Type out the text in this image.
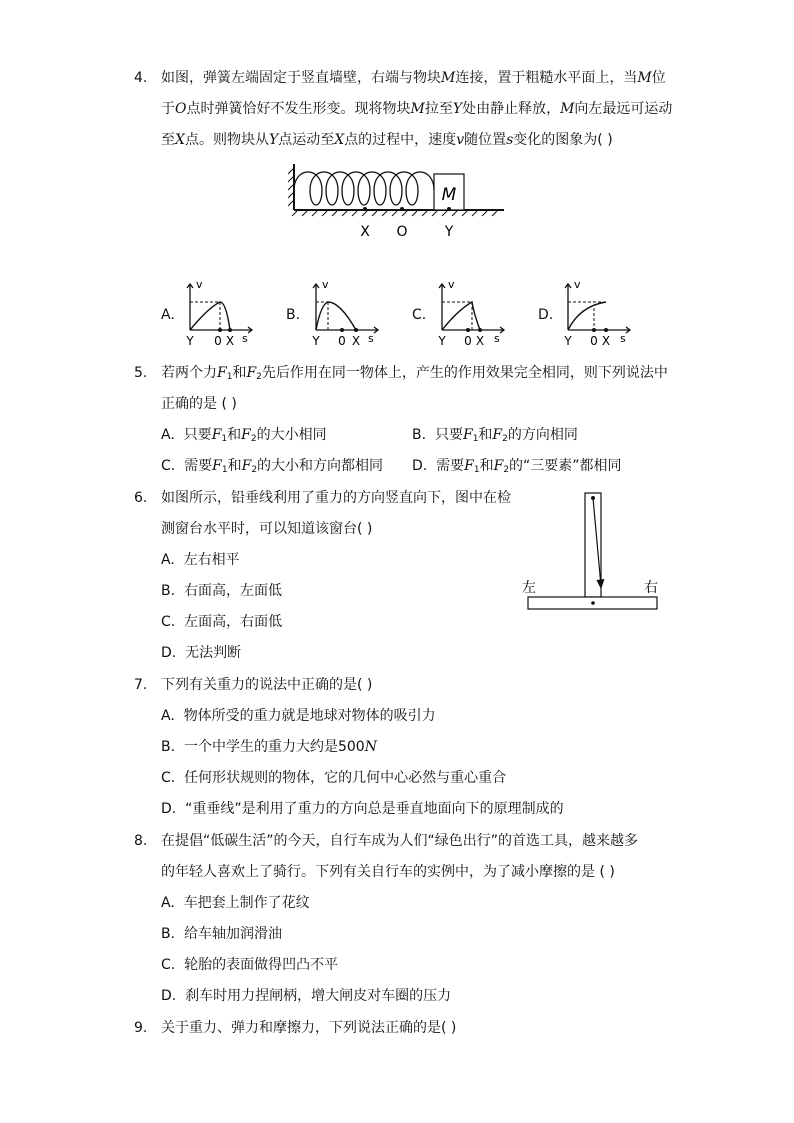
4. 如图，弹簧左端固定于竖直墙壁，右端与物块M连接，置于粗糙水平面上，当M位
于O点时弹簧恰好不发生形变。现将物块M拉至Y处由静止释放，M向左最远可运动
至X点。则物块从Y点运动至X点的过程中，速度v随位置s变化的图象为( )
M
X O	Y
A.
v
s
Y 0 X
B.
v
s
Y 0 X
C.
v
s
Y 0 X
D.
v
s
Y 0 X
5. 若两个力$F_1$和$F_2$先后作用在同一物体上，产生的作用效果完全相同，则下列说法中
正确的是 ( )
A. 只要$F_1$和$F_2$的大小相同	B. 只要$F_1$和$F_2$的方向相同
C. 需要$F_1$和$F_2$的大小和方向都相同 D. 需要$F_1$和$F_2$的“三要素”都相同
6. 如图所示，铅垂线利用了重力的方向竖直向下，图中在检
测窗台水平时，可以知道该窗台( )
A. 左右相平
B. 右面高，左面低
C. 左面高，右面低
D. 无法判断
左	右
7. 下列有关重力的说法中正确的是( )
A. 物体所受的重力就是地球对物体的吸引力
B. 一个中学生的重力大约是500N
C. 任何形状规则的物体，它的几何中心必然与重心重合
D. “重垂线”是利用了重力的方向总是垂直地面向下的原理制成的
8. 在提倡“低碳生活”的今天，自行车成为人们“绿色出行”的首选工具，越来越多
的年轻人喜欢上了骑行。下列有关自行车的实例中，为了减小摩擦的是 ( )
A. 车把套上制作了花纹
B. 给车轴加润滑油
C. 轮胎的表面做得凹凸不平
D. 刹车时用力捏闸柄，增大闸皮对车圈的压力
9. 关于重力、弹力和摩擦力，下列说法正确的是( )
